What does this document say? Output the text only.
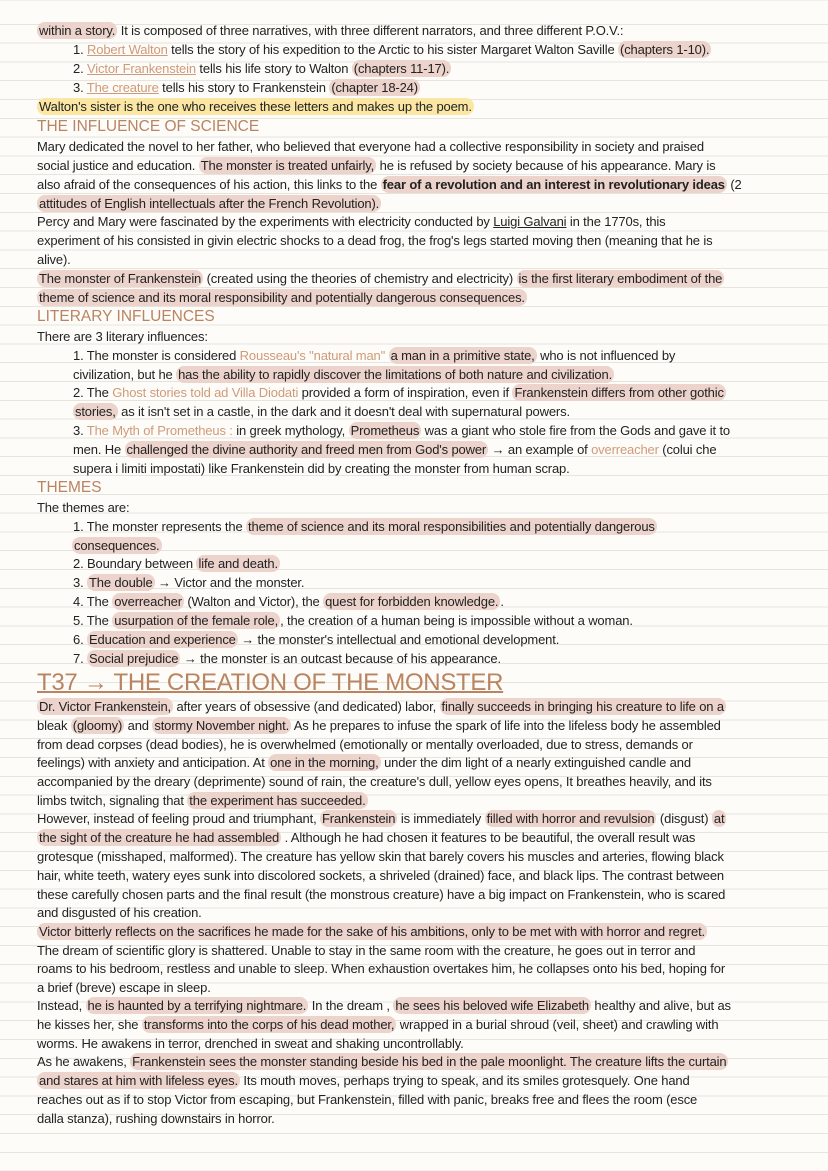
within a story. It is composed of three narratives, with three different narrators, and three different P.O.V.:
1. Robert Walton tells the story of his expedition to the Arctic to his sister Margaret Walton Saville (chapters 1-10).
2. Victor Frankenstein tells his life story to Walton (chapters 11-17).
3. The creature tells his story to Frankenstein (chapter 18-24)
Walton's sister is the one who receives these letters and makes up the poem.
THE INFLUENCE OF SCIENCE
Mary dedicated the novel to her father, who believed that everyone had a collective responsibility in society and praised
social justice and education. The monster is treated unfairly, he is refused by society because of his appearance. Mary is
also afraid of the consequences of his action, this links to the fear of a revolution and an interest in revolutionary ideas (2
attitudes of English intellectuals after the French Revolution).
Percy and Mary were fascinated by the experiments with electricity conducted by Luigi Galvani in the 1770s, this
experiment of his consisted in givin electric shocks to a dead frog, the frog's legs started moving then (meaning that he is
alive).
The monster of Frankenstein (created using the theories of chemistry and electricity) is the first literary embodiment of the
theme of science and its moral responsibility and potentially dangerous consequences.
LITERARY INFLUENCES
There are 3 literary influences:
1. The monster is considered Rousseau's "natural man" a man in a primitive state, who is not influenced by
civilization, but he has the ability to rapidly discover the limitations of both nature and civilization.
2. The Ghost stories told ad Villa Diodati provided a form of inspiration, even if Frankenstein differs from other gothic
stories, as it isn't set in a castle, in the dark and it doesn't deal with supernatural powers.
3. The Myth of Prometheus : in greek mythology, Prometheus was a giant who stole fire from the Gods and gave it to
men. He challenged the divine authority and freed men from God's power → an example of overreacher (colui che
supera i limiti impostati) like Frankenstein did by creating the monster from human scrap.
THEMES
The themes are:
1. The monster represents the theme of science and its moral responsibilities and potentially dangerous
consequences.
2. Boundary between life and death.
3. The double → Victor and the monster.
4. The overreacher (Walton and Victor), the quest for forbidden knowledge. .
5. The usurpation of the female role, , the creation of a human being is impossible without a woman.
6. Education and experience → the monster's intellectual and emotional development.
7. Social prejudice → the monster is an outcast because of his appearance.
T37 → THE CREATION OF THE MONSTER
Dr. Victor Frankenstein, after years of obsessive (and dedicated) labor, finally succeeds in bringing his creature to life on a
bleak (gloomy) and stormy November night. As he prepares to infuse the spark of life into the lifeless body he assembled
from dead corpses (dead bodies), he is overwhelmed (emotionally or mentally overloaded, due to stress, demands or
feelings) with anxiety and anticipation. At one in the morning, under the dim light of a nearly extinguished candle and
accompanied by the dreary (deprimente) sound of rain, the creature's dull, yellow eyes opens, It breathes heavily, and its
limbs twitch, signaling that the experiment has succeeded.
However, instead of feeling proud and triumphant, Frankenstein is immediately filled with horror and revulsion (disgust) at
the sight of the creature he had assembled . Although he had chosen it features to be beautiful, the overall result was
grotesque (misshaped, malformed). The creature has yellow skin that barely covers his muscles and arteries, flowing black
hair, white teeth, watery eyes sunk into discolored sockets, a shriveled (drained) face, and black lips. The contrast between
these carefully chosen parts and the final result (the monstrous creature) have a big impact on Frankenstein, who is scared
and disgusted of his creation.
Victor bitterly reflects on the sacrifices he made for the sake of his ambitions, only to be met with with horror and regret.
The dream of scientific glory is shattered. Unable to stay in the same room with the creature, he goes out in terror and
roams to his bedroom, restless and unable to sleep. When exhaustion overtakes him, he collapses onto his bed, hoping for
a brief (breve) escape in sleep.
Instead, he is haunted by a terrifying nightmare. In the dream , he sees his beloved wife Elizabeth healthy and alive, but as
he kisses her, she transforms into the corps of his dead mother, wrapped in a burial shroud (veil, sheet) and crawling with
worms. He awakens in terror, drenched in sweat and shaking uncontrollably.
As he awakens, Frankenstein sees the monster standing beside his bed in the pale moonlight. The creature lifts the curtain
and stares at him with lifeless eyes. Its mouth moves, perhaps trying to speak, and its smiles grotesquely. One hand
reaches out as if to stop Victor from escaping, but Frankenstein, filled with panic, breaks free and flees the room (esce
dalla stanza), rushing downstairs in horror.
